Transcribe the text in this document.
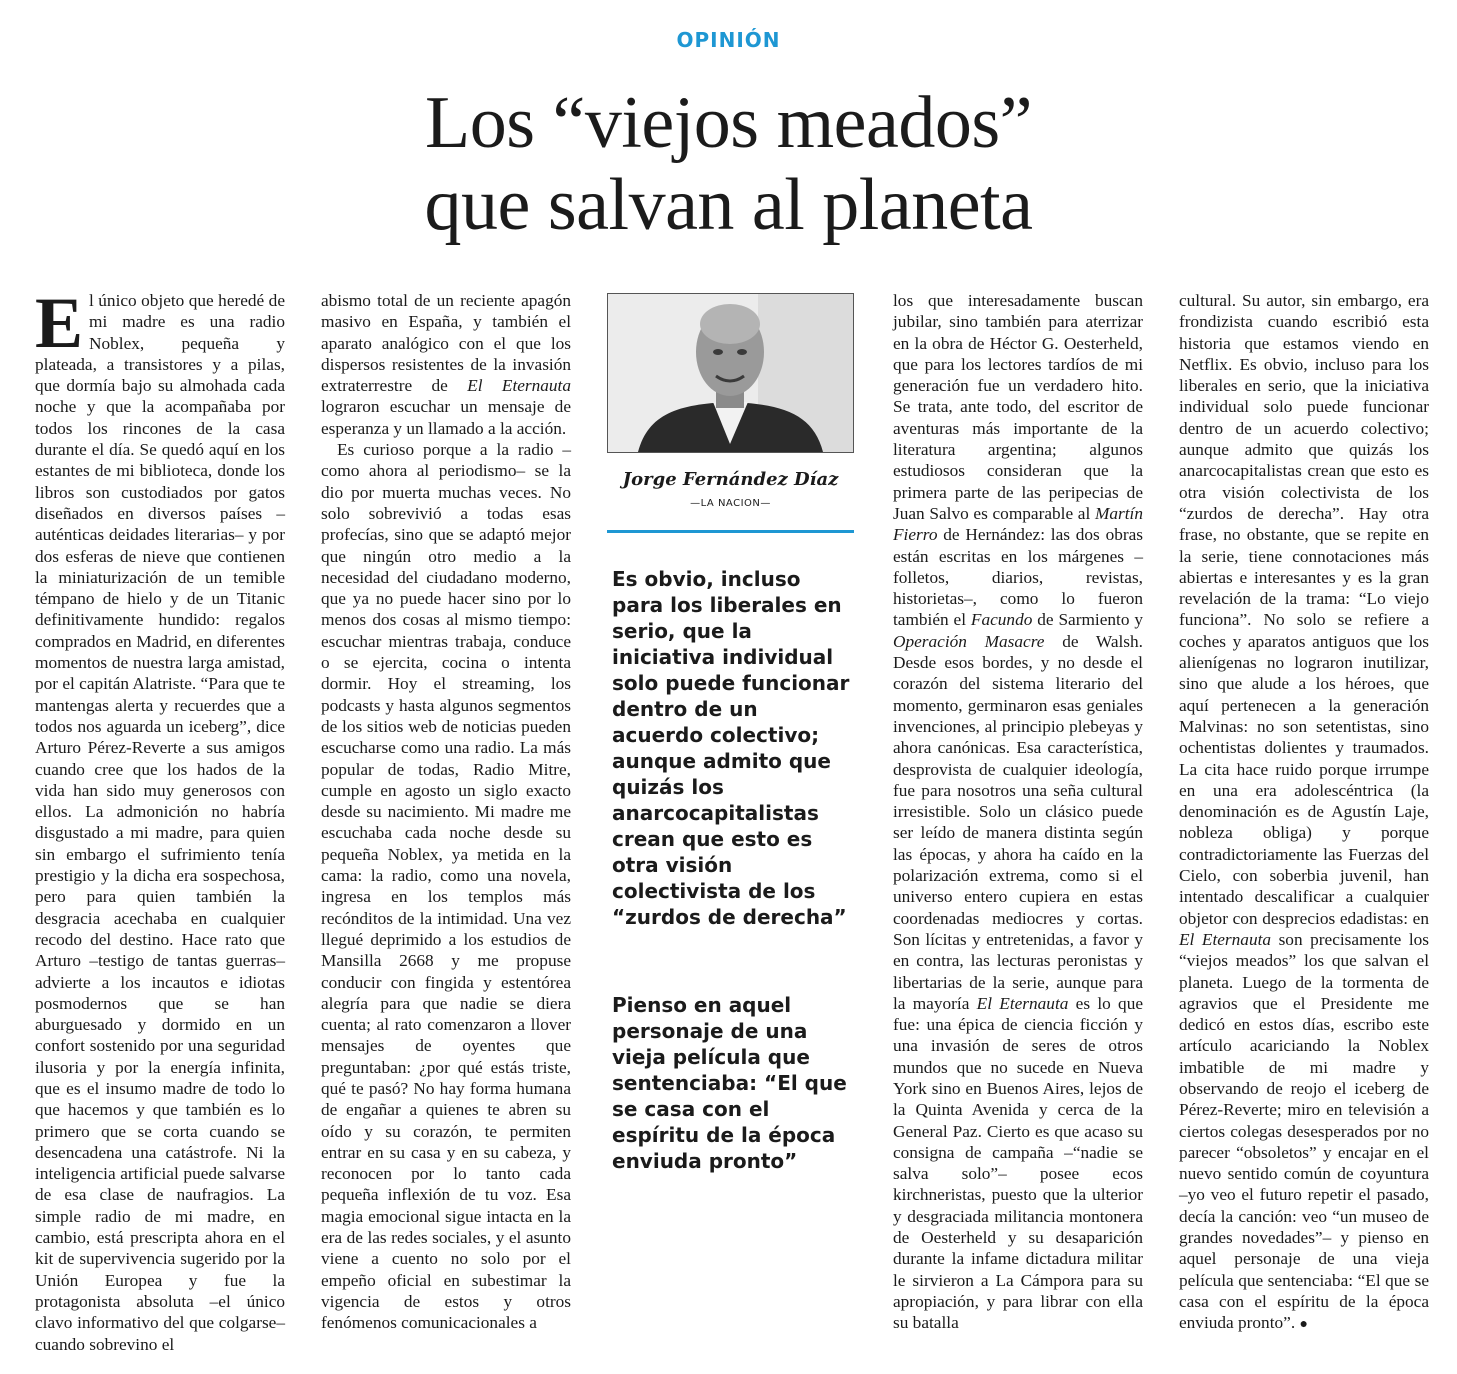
OPINIÓN
Los “viejos meados”
que salvan al planeta

El único objeto que heredé de mi madre es una radio Noblex, pequeña y plateada, a transistores y a pilas, que dormía bajo su almohada cada noche y que la acompañaba por todos los rincones de la casa durante el día. Se quedó aquí en los estantes de mi biblioteca, donde los libros son custodiados por gatos diseñados en diversos países –auténticas deidades literarias– y por dos esferas de nieve que contienen la miniaturización de un temible témpano de hielo y de un Titanic definitivamente hundido: regalos comprados en Madrid, en diferentes momentos de nuestra larga amistad, por el capitán Alatriste. “Para que te mantengas alerta y recuerdes que a todos nos aguarda un iceberg”, dice Arturo Pérez-Reverte a sus amigos cuando cree que los hados de la vida han sido muy generosos con ellos. La admonición no habría disgustado a mi madre, para quien sin embargo el sufrimiento tenía prestigio y la dicha era sospechosa, pero para quien también la desgracia acechaba en cualquier recodo del destino. Hace rato que Arturo –testigo de tantas guerras– advierte a los incautos e idiotas posmodernos que se han aburguesado y dormido en un confort sostenido por una seguridad ilusoria y por la energía infinita, que es el insumo madre de todo lo que hacemos y que también es lo primero que se corta cuando se desencadena una catástrofe. Ni la inteligencia artificial puede salvarse de esa clase de naufragios. La simple radio de mi madre, en cambio, está prescripta ahora en el kit de supervivencia sugerido por la Unión Europea y fue la protagonista absoluta –el único clavo informativo del que colgarse– cuando sobrevino el

abismo total de un reciente apagón masivo en España, y también el aparato analógico con el que los dispersos resistentes de la invasión extraterrestre de El Eternauta lograron escuchar un mensaje de esperanza y un llamado a la acción.

Es curioso porque a la radio –como ahora al periodismo– se la dio por muerta muchas veces. No solo sobrevivió a todas esas profecías, sino que se adaptó mejor que ningún otro medio a la necesidad del ciudadano moderno, que ya no puede hacer sino por lo menos dos cosas al mismo tiempo: escuchar mientras trabaja, conduce o se ejercita, cocina o intenta dormir. Hoy el streaming, los podcasts y hasta algunos segmentos de los sitios web de noticias pueden escucharse como una radio. La más popular de todas, Radio Mitre, cumple en agosto un siglo exacto desde su nacimiento. Mi madre me escuchaba cada noche desde su pequeña Noblex, ya metida en la cama: la radio, como una novela, ingresa en los templos más recónditos de la intimidad. Una vez llegué deprimido a los estudios de Mansilla 2668 y me propuse conducir con fingida y estentórea alegría para que nadie se diera cuenta; al rato comenzaron a llover mensajes de oyentes que preguntaban: ¿por qué estás triste, qué te pasó? No hay forma humana de engañar a quienes te abren su oído y su corazón, te permiten entrar en su casa y en su cabeza, y reconocen por lo tanto cada pequeña inflexión de tu voz. Esa magia emocional sigue intacta en la era de las redes sociales, y el asunto viene a cuento no solo por el empeño oficial en subestimar la vigencia de estos y otros fenómenos comunicacionales a

Jorge Fernández Díaz
—LA NACION—

Es obvio, incluso para los liberales en serio, que la iniciativa individual solo puede funcionar dentro de un acuerdo colectivo; aunque admito que quizás los anarcocapitalistas crean que esto es otra visión colectivista de los “zurdos de derecha”

Pienso en aquel personaje de una vieja película que sentenciaba: “El que se casa con el espíritu de la época enviuda pronto”

los que interesadamente buscan jubilar, sino también para aterrizar en la obra de Héctor G. Oesterheld, que para los lectores tardíos de mi generación fue un verdadero hito. Se trata, ante todo, del escritor de aventuras más importante de la literatura argentina; algunos estudiosos consideran que la primera parte de las peripecias de Juan Salvo es comparable al Martín Fierro de Hernández: las dos obras están escritas en los márgenes –folletos, diarios, revistas, historietas–, como lo fueron también el Facundo de Sarmiento y Operación Masacre de Walsh. Desde esos bordes, y no desde el corazón del sistema literario del momento, germinaron esas geniales invenciones, al principio plebeyas y ahora canónicas. Esa característica, desprovista de cualquier ideología, fue para nosotros una seña cultural irresistible. Solo un clásico puede ser leído de manera distinta según las épocas, y ahora ha caído en la polarización extrema, como si el universo entero cupiera en estas coordenadas mediocres y cortas. Son lícitas y entretenidas, a favor y en contra, las lecturas peronistas y libertarias de la serie, aunque para la mayoría El Eternauta es lo que fue: una épica de ciencia ficción y una invasión de seres de otros mundos que no sucede en Nueva York sino en Buenos Aires, lejos de la Quinta Avenida y cerca de la General Paz. Cierto es que acaso su consigna de campaña –“nadie se salva solo”– posee ecos kirchneristas, puesto que la ulterior y desgraciada militancia montonera de Oesterheld y su desaparición durante la infame dictadura militar le sirvieron a La Cámpora para su apropiación, y para librar con ella su batalla

cultural. Su autor, sin embargo, era frondizista cuando escribió esta historia que estamos viendo en Netflix. Es obvio, incluso para los liberales en serio, que la iniciativa individual solo puede funcionar dentro de un acuerdo colectivo; aunque admito que quizás los anarcocapitalistas crean que esto es otra visión colectivista de los “zurdos de derecha”. Hay otra frase, no obstante, que se repite en la serie, tiene connotaciones más abiertas e interesantes y es la gran revelación de la trama: “Lo viejo funciona”. No solo se refiere a coches y aparatos antiguos que los alienígenas no lograron inutilizar, sino que alude a los héroes, que aquí pertenecen a la generación Malvinas: no son setentistas, sino ochentistas dolientes y traumados. La cita hace ruido porque irrumpe en una era adolescéntrica (la denominación es de Agustín Laje, nobleza obliga) y porque contradictoriamente las Fuerzas del Cielo, con soberbia juvenil, han intentado descalificar a cualquier objetor con desprecios edadistas: en El Eternauta son precisamente los “viejos meados” los que salvan el planeta. Luego de la tormenta de agravios que el Presidente me dedicó en estos días, escribo este artículo acariciando la Noblex imbatible de mi madre y observando de reojo el iceberg de Pérez-Reverte; miro en televisión a ciertos colegas desesperados por no parecer “obsoletos” y encajar en el nuevo sentido común de coyuntura –yo veo el futuro repetir el pasado, decía la canción: veo “un museo de grandes novedades”– y pienso en aquel personaje de una vieja película que sentenciaba: “El que se casa con el espíritu de la época enviuda pronto”. ●
